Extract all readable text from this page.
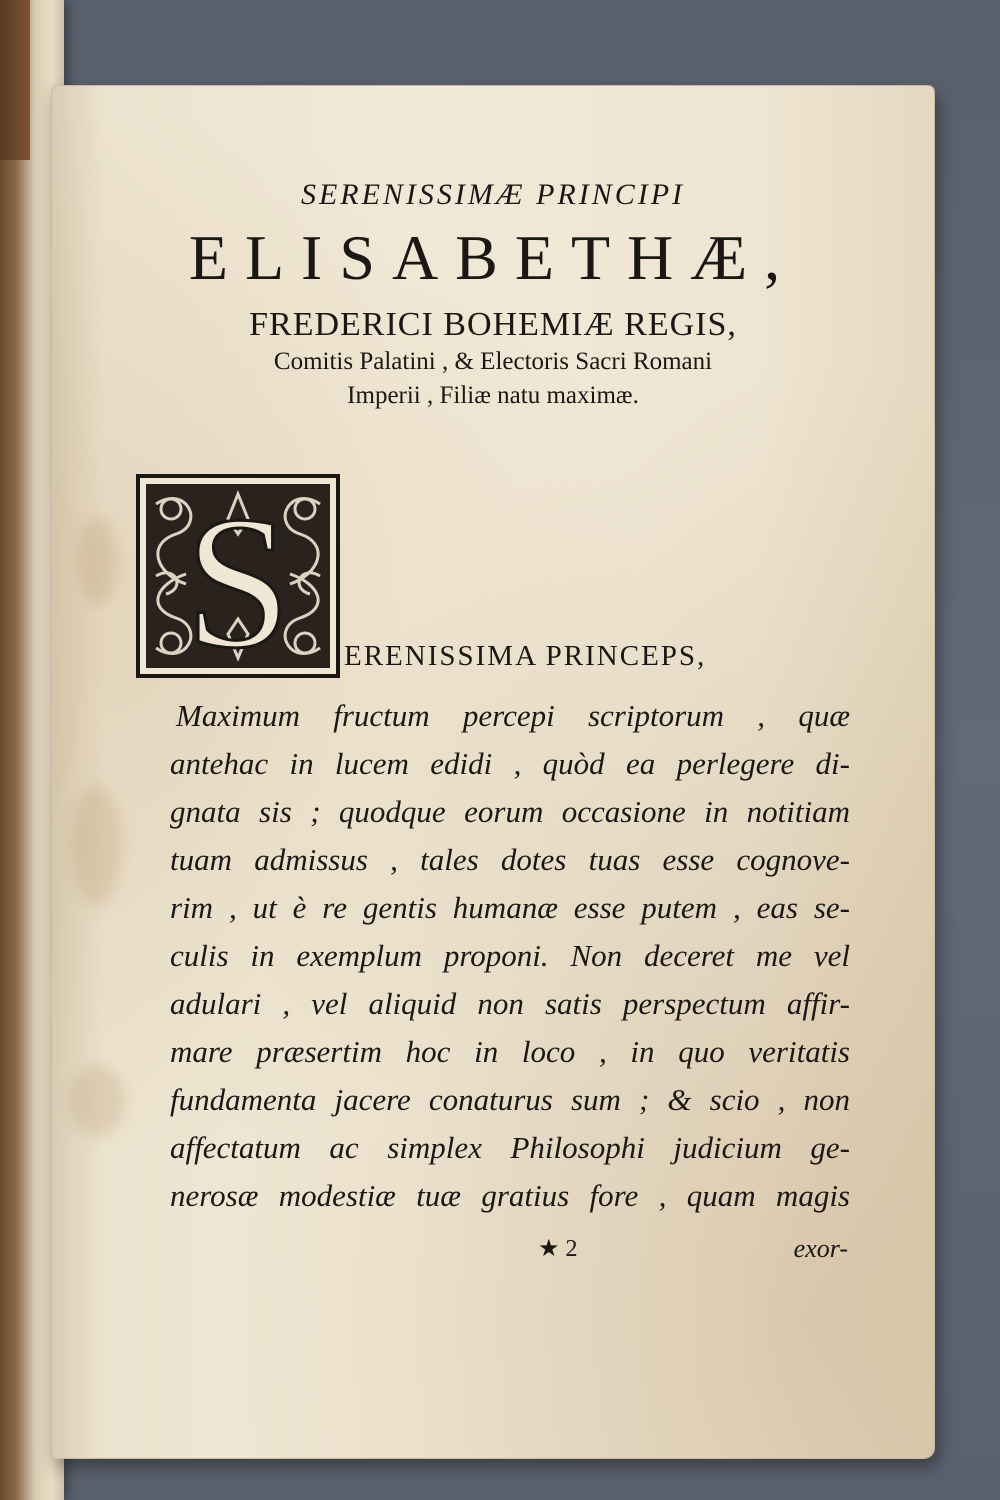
SERENISSIMÆ PRINCIPI
ELISABETHÆ,
FREDERICI BOHEMIÆ REGIS,
Comitis Palatini , & Electoris Sacri Romani
Imperii , Filiæ natu maximæ.
S ERENISSIMA PRINCEPS,
Maximum fructum percepi scriptorum , quæ
antehac in lucem edidi , quòd ea perlegere di-
gnata sis ; quodque eorum occasione in notitiam
tuam admissus , tales dotes tuas esse cognove-
rim , ut è re gentis humanæ esse putem , eas se-
culis in exemplum proponi. Non deceret me vel
adulari , vel aliquid non satis perspectum affir-
mare præsertim hoc in loco , in quo veritatis
fundamenta jacere conaturus sum ; & scio , non
affectatum ac simplex Philosophi judicium ge-
nerosæ modestiæ tuæ gratius fore , quam magis
★ 2	exor-
